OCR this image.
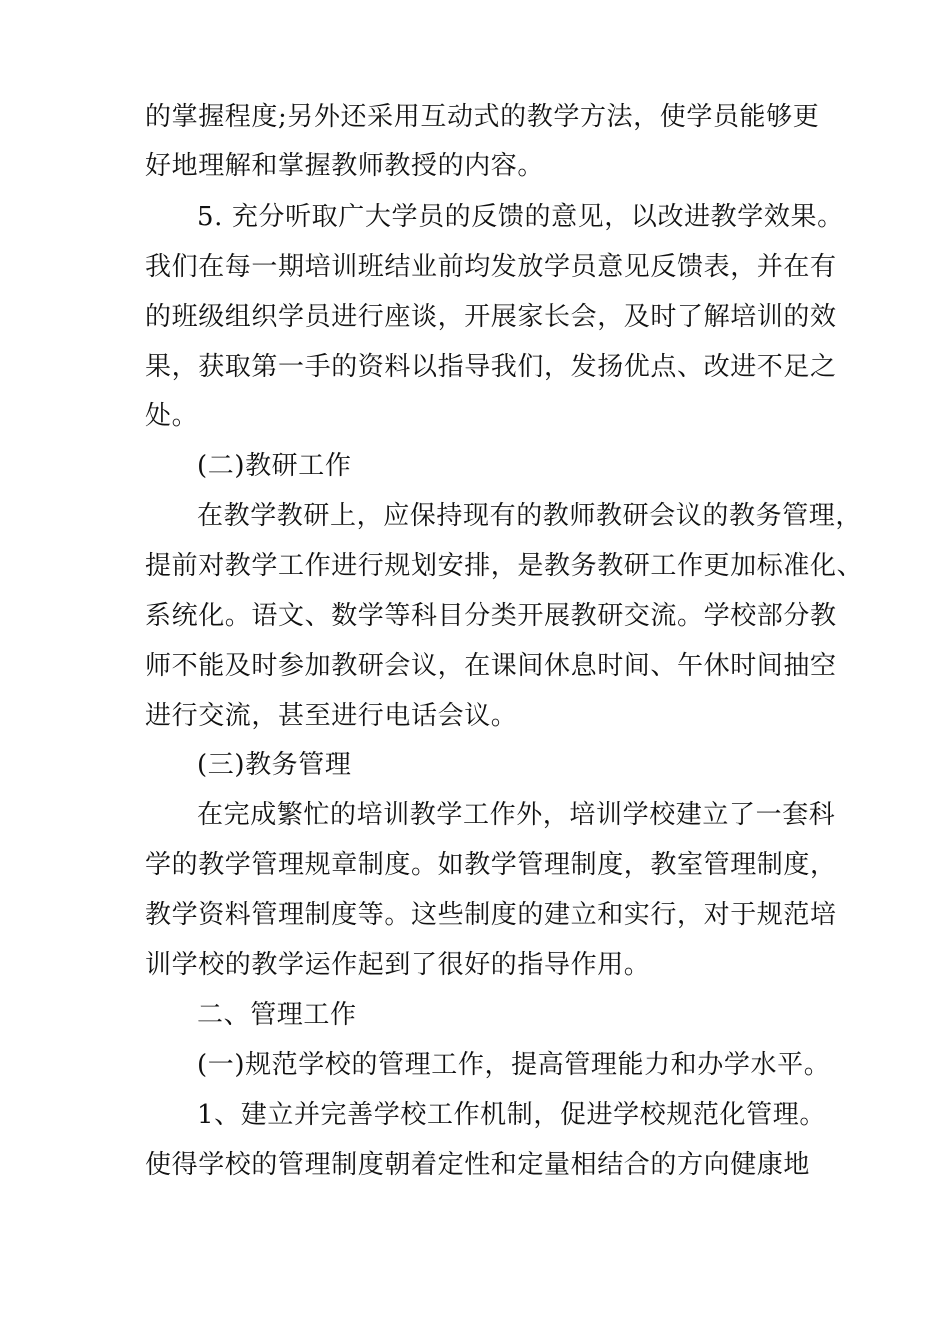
的掌握程度;另外还采用互动式的教学方法，使学员能够更
好地理解和掌握教师教授的内容。
5. 充分听取广大学员的反馈的意见，以改进教学效果。
我们在每一期培训班结业前均发放学员意见反馈表，并在有
的班级组织学员进行座谈，开展家长会，及时了解培训的效
果，获取第一手的资料以指导我们，发扬优点、改进不足之
处。
(二)教研工作
在教学教研上，应保持现有的教师教研会议的教务管理，
提前对教学工作进行规划安排，是教务教研工作更加标准化、
系统化。语文、数学等科目分类开展教研交流。学校部分教
师不能及时参加教研会议，在课间休息时间、午休时间抽空
进行交流，甚至进行电话会议。
(三)教务管理
在完成繁忙的培训教学工作外，培训学校建立了一套科
学的教学管理规章制度。如教学管理制度，教室管理制度，
教学资料管理制度等。这些制度的建立和实行，对于规范培
训学校的教学运作起到了很好的指导作用。
二、管理工作
(一)规范学校的管理工作，提高管理能力和办学水平。
1、建立并完善学校工作机制，促进学校规范化管理。
使得学校的管理制度朝着定性和定量相结合的方向健康地
